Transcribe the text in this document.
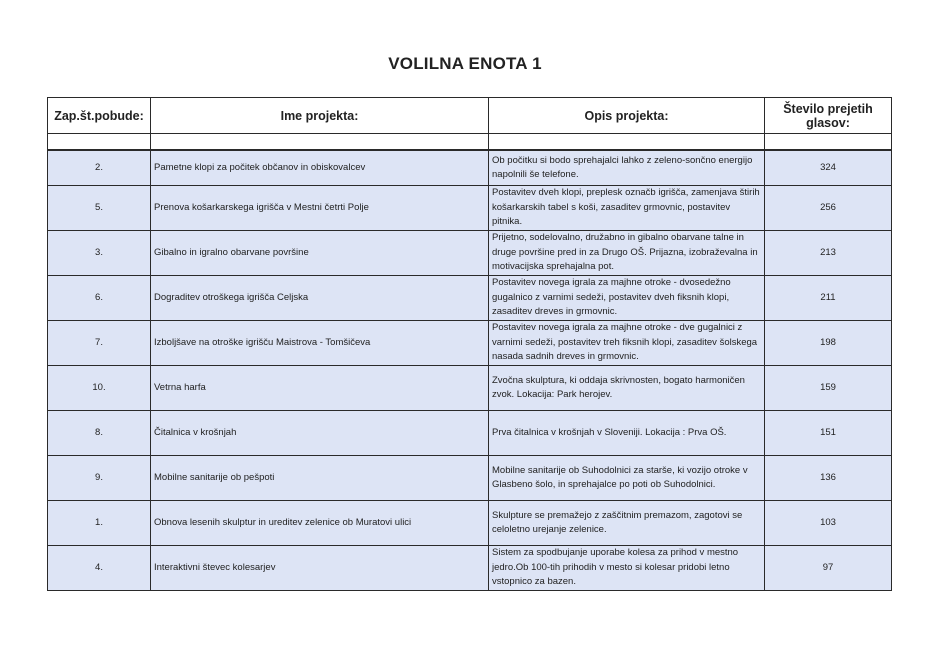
VOLILNA ENOTA 1
Zap.št.pobude:	Ime projekta:	Opis projekta:	Število prejetih glasov:

2.	Pametne klopi za počitek občanov in obiskovalcev	Ob počitku si bodo sprehajalci lahko z zeleno-sončno energijo napolnili še telefone.	324
5.	Prenova košarkarskega igrišča v Mestni četrti Polje	Postavitev dveh klopi, preplesk označb igrišča, zamenjava štirih košarkarskih tabel s koši, zasaditev grmovnic, postavitev pitnika.	256
3.	Gibalno in igralno obarvane površine	Prijetno, sodelovalno, družabno in gibalno obarvane talne in druge površine pred in za Drugo OŠ. Prijazna, izobraževalna in motivacijska sprehajalna pot.	213
6.	Dograditev otroškega igrišča Celjska	Postavitev novega igrala za majhne otroke - dvosedežno gugalnico z varnimi sedeži, postavitev dveh fiksnih klopi, zasaditev dreves in grmovnic.	211
7.	Izboljšave na otroške igrišču Maistrova - Tomšičeva	Postavitev novega igrala za majhne otroke - dve gugalnici z varnimi sedeži, postavitev treh fiksnih klopi, zasaditev šolskega nasada sadnih dreves in grmovnic.	198
10.	Vetrna harfa	Zvočna skulptura, ki oddaja skrivnosten, bogato harmoničen zvok. Lokacija: Park herojev.	159
8.	Čitalnica v krošnjah	Prva čitalnica v krošnjah v Sloveniji. Lokacija : Prva OŠ.	151
9.	Mobilne sanitarije ob pešpoti	Mobilne sanitarije ob Suhodolnici za starše, ki vozijo otroke v Glasbeno šolo, in sprehajalce po poti ob Suhodolnici.	136
1.	Obnova lesenih skulptur in ureditev zelenice ob Muratovi ulici	Skulpture se premažejo z zaščitnim premazom, zagotovi se celoletno urejanje zelenice.	103
4.	Interaktivni števec kolesarjev	Sistem za spodbujanje uporabe kolesa za prihod v mestno jedro.Ob 100-tih prihodih v mesto si kolesar pridobi letno vstopnico za bazen.	97
